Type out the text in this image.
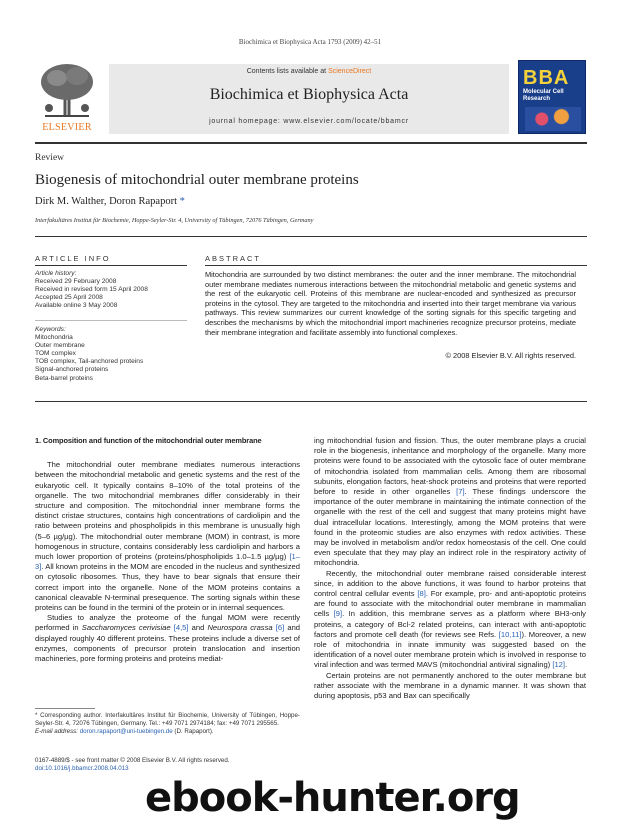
Biochimica et Biophysica Acta 1793 (2009) 42–51
ELSEVIER
Contents lists available at ScienceDirect
Biochimica et Biophysica Acta
journal homepage: www.elsevier.com/locate/bbamcr
BBA
Molecular Cell Research
Review
Biogenesis of mitochondrial outer membrane proteins
Dirk M. Walther, Doron Rapaport *
Interfakultäres Institut für Biochemie, Hoppe-Seyler-Str. 4, University of Tübingen, 72076 Tübingen, Germany
ARTICLE INFO
Article history:
Received 29 February 2008
Received in revised form 15 April 2008
Accepted 25 April 2008
Available online 3 May 2008
Keywords:
Mitochondria
Outer membrane
TOM complex
TOB complex, Tail-anchored proteins
Signal-anchored proteins
Beta-barrel proteins
ABSTRACT
Mitochondria are surrounded by two distinct membranes: the outer and the inner membrane. The mitochondrial outer membrane mediates numerous interactions between the mitochondrial metabolic and genetic systems and the rest of the eukaryotic cell. Proteins of this membrane are nuclear-encoded and synthesized as precursor proteins in the cytosol. They are targeted to the mitochondria and inserted into their target membrane via various pathways. This review summarizes our current knowledge of the sorting signals for this specific targeting and describes the mechanisms by which the mitochondrial import machineries recognize precursor proteins, mediate their membrane integration and facilitate assembly into functional complexes.
© 2008 Elsevier B.V. All rights reserved.

1. Composition and function of the mitochondrial outer membrane

The mitochondrial outer membrane mediates numerous interactions between the mitochondrial metabolic and genetic systems and the rest of the eukaryotic cell. It typically contains 8–10% of the total proteins of the organelle. The two mitochondrial membranes differ considerably in their structure and composition. The mitochondrial inner membrane forms the distinct cristae structures, contains high concentrations of cardiolipin and the ratio between proteins and phospholipids in this membrane is unusually high (5–6 µg/µg). The mitochondrial outer membrane (MOM) in contrast, is more homogenous in structure, contains considerably less cardiolipin and harbors a much lower proportion of proteins (proteins/phospholipids 1.0–1.5 µg/µg) [1–3]. All known proteins in the MOM are encoded in the nucleus and synthesized on cytosolic ribosomes. Thus, they have to bear signals that ensure their correct import into the organelle. None of the MOM proteins contains a canonical cleavable N-terminal presequence. The sorting signals within these proteins can be found in the termini of the protein or in internal sequences.

Studies to analyze the proteome of the fungal MOM were recently performed in Saccharomyces cerivisiae [4,5] and Neurospora crassa [6] and displayed roughly 40 different proteins. These proteins include a diverse set of enzymes, components of precursor protein translocation and insertion machineries, pore forming proteins and proteins mediat-

ing mitochondrial fusion and fission. Thus, the outer membrane plays a crucial role in the biogenesis, inheritance and morphology of the organelle. Many more proteins were found to be associated with the cytosolic face of outer membrane of mitochondria isolated from mammalian cells. Among them are ribosomal subunits, elongation factors, heat-shock proteins and proteins that were reported before to reside in other organelles [7]. These findings underscore the importance of the outer membrane in maintaining the intimate connection of the organelle with the rest of the cell and suggest that many proteins might have dual intracellular locations. Interestingly, among the MOM proteins that were found in the proteomic studies are also enzymes with redox activities. These may be involved in metabolism and/or redox homeostasis of the cell. One could even speculate that they may play an indirect role in the respiratory activity of mitochondria.

Recently, the mitochondrial outer membrane raised considerable interest since, in addition to the above functions, it was found to harbor proteins that control central cellular events [8]. For example, pro- and anti-apoptotic proteins are found to associate with the mitochondrial outer membrane in mammalian cells [9]. In addition, this membrane serves as a platform where BH3-only proteins, a category of Bcl-2 related proteins, can interact with anti-apoptotic factors and promote cell death (for reviews see Refs. [10,11]). Moreover, a new role of mitochondria in innate immunity was suggested based on the identification of a novel outer membrane protein which is involved in response to viral infection and was termed MAVS (mitochondrial antiviral signaling) [12].

Certain proteins are not permanently anchored to the outer membrane but rather associate with the membrane in a dynamic manner. It was shown that during apoptosis, p53 and Bax can specifically

* Corresponding author. Interfakultäres Institut für Biochemie, University of Tübingen, Hoppe-Seyler-Str. 4, 72076 Tübingen, Germany. Tel.: +49 7071 2974184; fax: +49 7071 295565.
E-mail address: doron.rapaport@uni-tuebingen.de (D. Rapaport).
0167-4889/$ - see front matter © 2008 Elsevier B.V. All rights reserved.
doi:10.1016/j.bbamcr.2008.04.013
ebook-hunter.org
